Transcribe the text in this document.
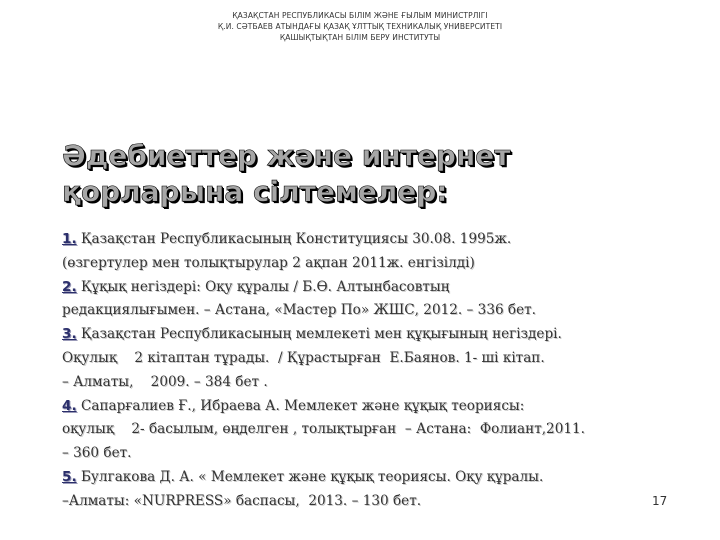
ҚАЗАҚСТАН РЕСПУБЛИКАСЫ БІЛІМ ЖӘНЕ ҒЫЛЫМ МИНИСТРЛІГІ
Қ.И. СӘТБАЕВ АТЫНДАҒЫ ҚАЗАҚ ҰЛТТЫҚ ТЕХНИКАЛЫҚ УНИВЕРСИТЕТІ
ҚАШЫҚТЫҚТАН БІЛІМ БЕРУ ИНСТИТУТЫ
Әдебиеттер және интернет
қорларына сілтемелер:
1. Қазақстан Республикасының Конституциясы 30.08. 1995ж.
(өзгертулер мен толықтырулар 2 ақпан 2011ж. енгізілді)
2. Құқық негіздері: Оқу құралы / Б.Ө. Алтынбасовтың
редакциялығымен. – Астана, «Мастер По» ЖШС, 2012. – 336 бет.
3. Қазақстан Республикасының мемлекеті мен құқығының негіздері.
Оқулық    2 кітаптан тұрады.  / Құрастырған  Е.Баянов. 1- ші кітап.
– Алматы,    2009. – 384 бет .
4. Сапарғалиев Ғ., Ибраева А. Мемлекет және құқық теориясы:
оқулық    2- басылым, өңделген , толықтырған  – Астана:  Фолиант,2011.
– 360 бет.
5. Булгакова Д. А. « Мемлекет және құқық теориясы. Оқу құралы.
–Алматы: «NURPRESS» баспасы,  2013. – 130 бет.	17
